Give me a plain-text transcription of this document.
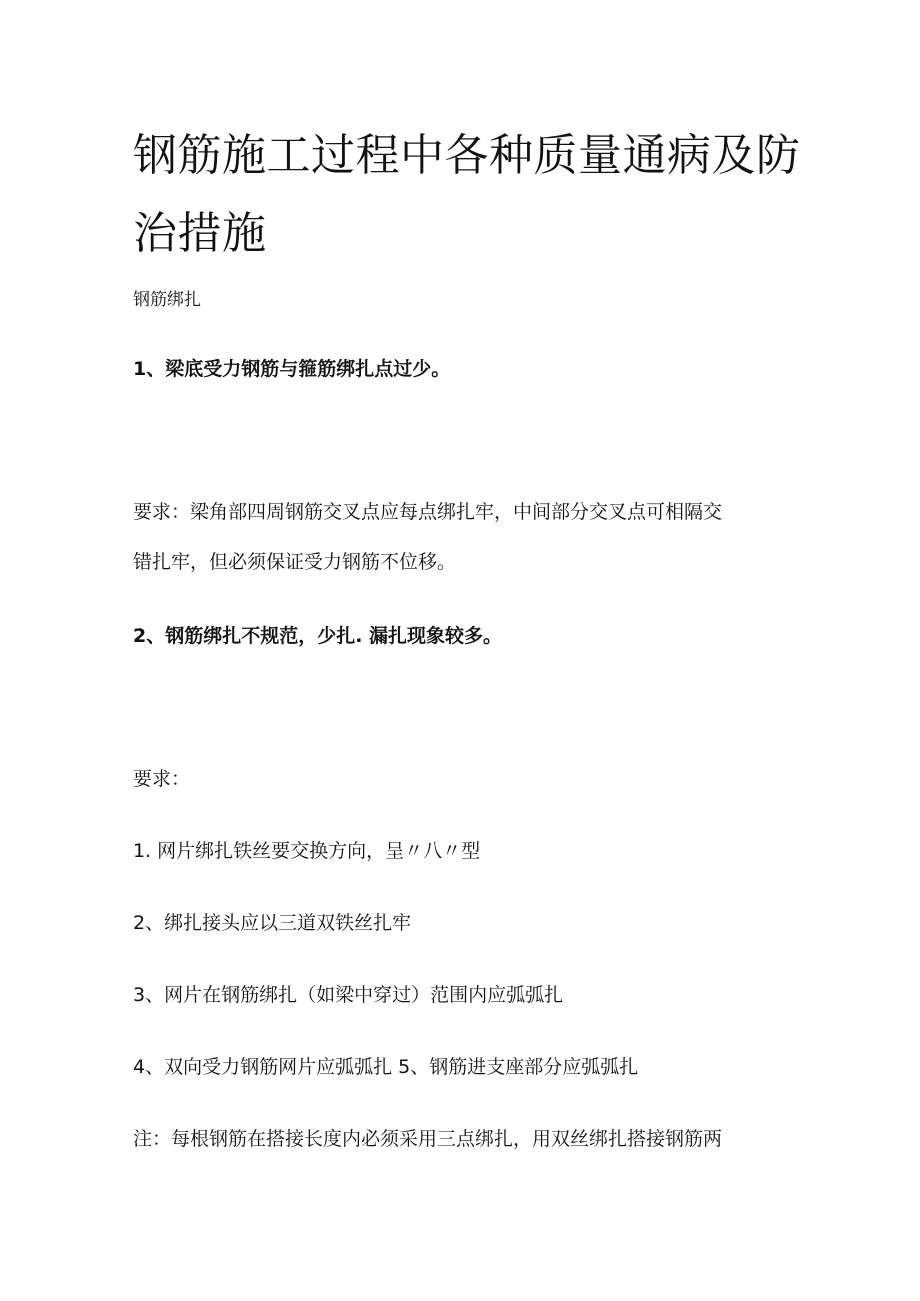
钢筋施工过程中各种质量通病及防
治措施
钢筋绑扎
1、梁底受力钢筋与箍筋绑扎点过少。
要求：梁角部四周钢筋交叉点应每点绑扎牢，中间部分交叉点可相隔交
错扎牢，但必须保证受力钢筋不位移。
2、钢筋绑扎不规范，少扎. 漏扎现象较多。
要求：
1. 网片绑扎铁丝要交换方向，呈〃八〃型
2、绑扎接头应以三道双铁丝扎牢
3、网片在钢筋绑扎（如梁中穿过）范围内应弧弧扎
4、双向受力钢筋网片应弧弧扎 5、钢筋进支座部分应弧弧扎
注：每根钢筋在搭接长度内必须采用三点绑扎，用双丝绑扎搭接钢筋两
